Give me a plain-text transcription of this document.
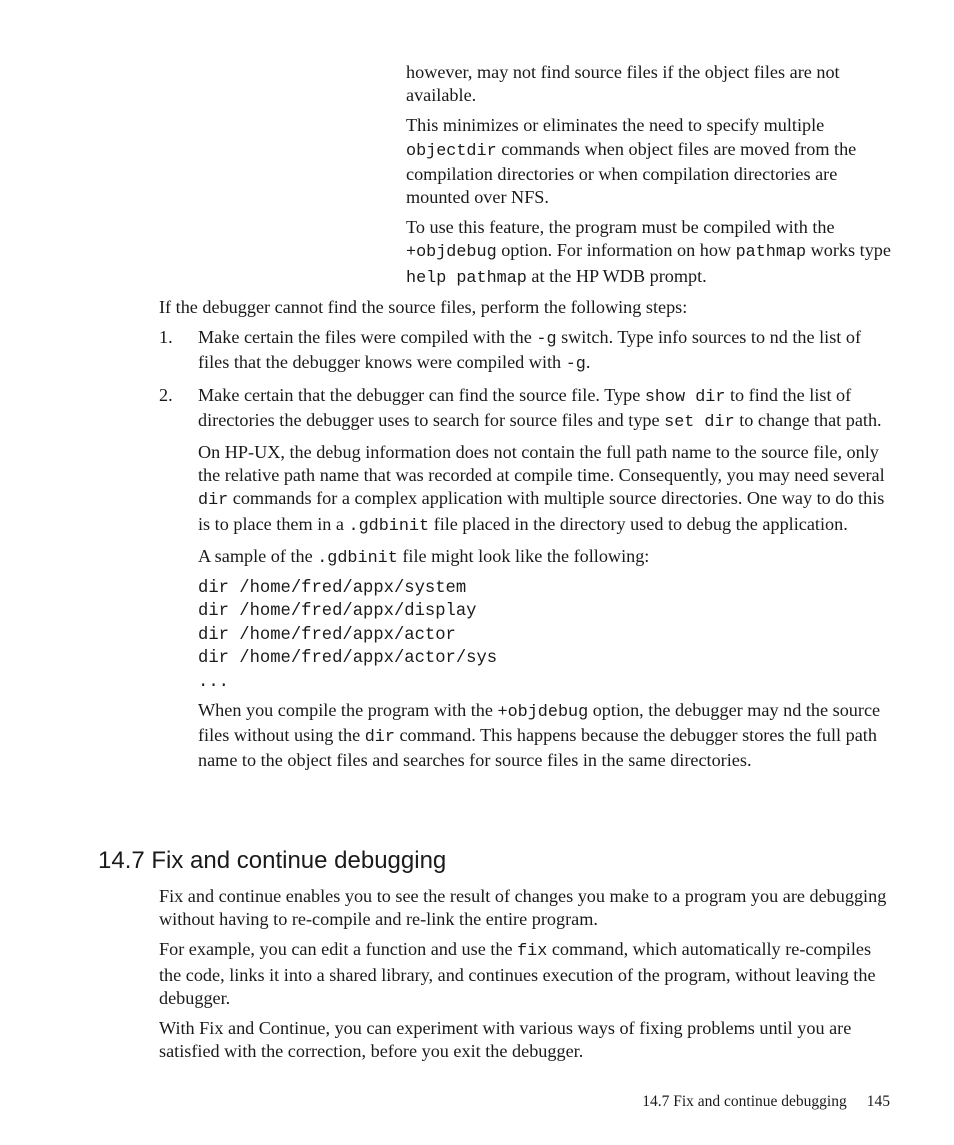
however, may not find source files if the object files are not available.

This minimizes or eliminates the need to specify multiple objectdir commands when object files are moved from the compilation directories or when compilation directories are mounted over NFS.

To use this feature, the program must be compiled with the +objdebug option. For information on how pathmap works type help pathmap at the HP WDB prompt.

If the debugger cannot find the source files, perform the following steps:

1. Make certain the files were compiled with the -g switch. Type info sources to nd the list of files that the debugger knows were compiled with -g.
2. Make certain that the debugger can find the source file. Type show dir to find the list of directories the debugger uses to search for source files and type set dir to change that path.

On HP-UX, the debug information does not contain the full path name to the source file, only the relative path name that was recorded at compile time. Consequently, you may need several dir commands for a complex application with multiple source directories. One way to do this is to place them in a .gdbinit file placed in the directory used to debug the application.

A sample of the .gdbinit file might look like the following:

dir /home/fred/appx/system
dir /home/fred/appx/display
dir /home/fred/appx/actor
dir /home/fred/appx/actor/sys
...

When you compile the program with the +objdebug option, the debugger may nd the source files without using the dir command. This happens because the debugger stores the full path name to the object files and searches for source files in the same directories.

14.7 Fix and continue debugging

Fix and continue enables you to see the result of changes you make to a program you are debugging without having to re-compile and re-link the entire program.

For example, you can edit a function and use the fix command, which automatically re-compiles the code, links it into a shared library, and continues execution of the program, without leaving the debugger.

With Fix and Continue, you can experiment with various ways of fixing problems until you are satisfied with the correction, before you exit the debugger.

14.7 Fix and continue debugging 145
